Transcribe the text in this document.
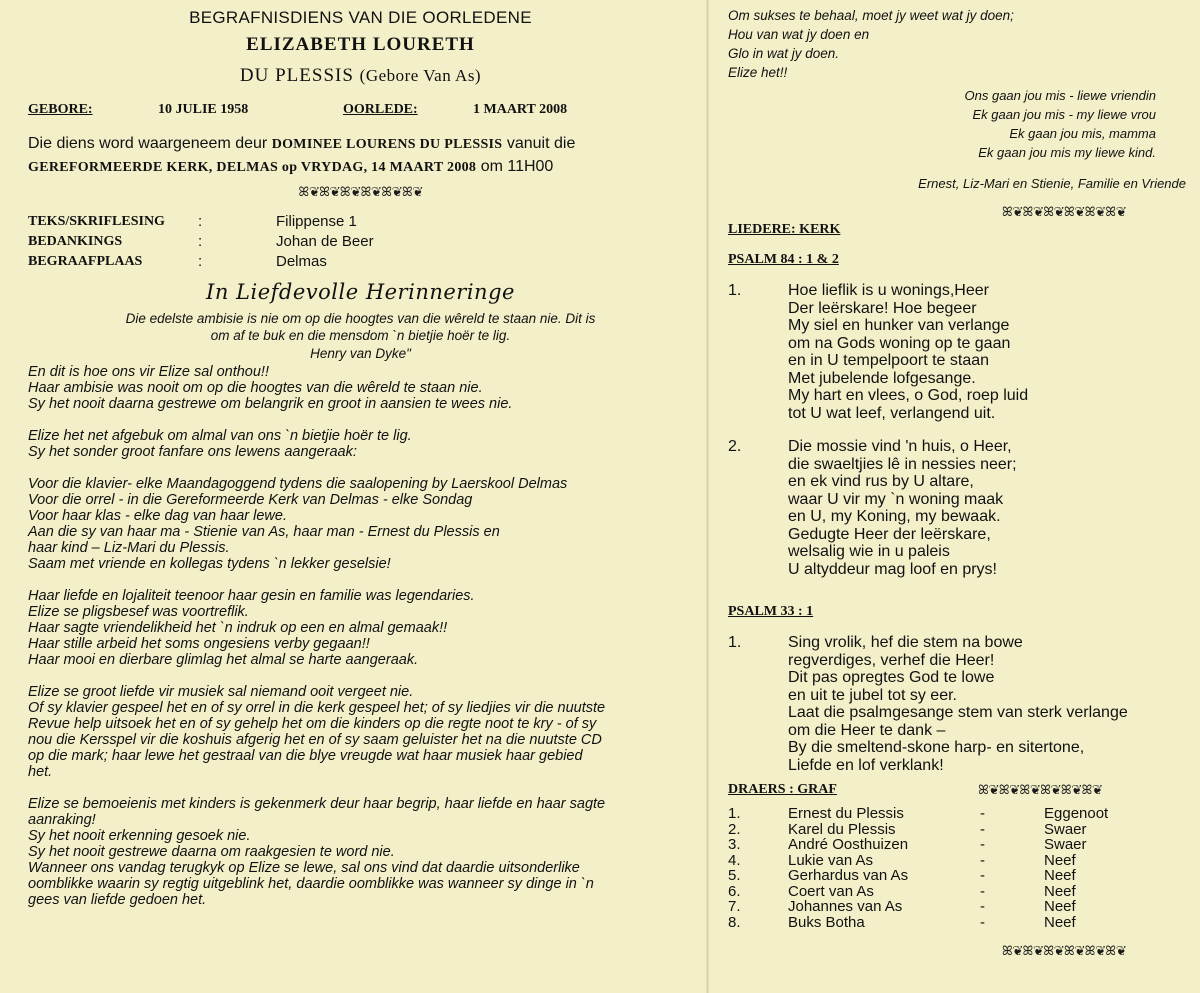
BEGRAFNISDIENS VAN DIE OORLEDENE
ELIZABETH LOURETH
DU PLESSIS (Gebore Van As)
GEBORE:	10 JULIE 1958	OORLEDE:	1 MAART 2008
Die diens word waargeneem deur DOMINEE LOURENS DU PLESSIS vanuit die
GEREFORMEERDE KERK, DELMAS op VRYDAG, 14 MAART 2008 om 11H00
ꕤ❦ꕤ❦ꕤ❦ꕤ❦ꕤ❦ꕤ❦
TEKS/SKRIFLESING	:	Filippense 1
BEDANKINGS	:	Johan de Beer
BEGRAAFPLAAS	:	Delmas
In Liefdevolle Herinneringe
Die edelste ambisie is nie om op die hoogtes van die wêreld te staan nie. Dit is
om af te buk en die mensdom `n bietjie hoër te lig.
Henry van Dyke"

En dit is hoe ons vir Elize sal onthou!!
Haar ambisie was nooit om op die hoogtes van die wêreld te staan nie.
Sy het nooit daarna gestrewe om belangrik en groot in aansien te wees nie.

Elize het net afgebuk om almal van ons `n bietjie hoër te lig.
Sy het sonder groot fanfare ons lewens aangeraak:

Voor die klavier- elke Maandagoggend tydens die saalopening by Laerskool Delmas
Voor die orrel - in die Gereformeerde Kerk van Delmas - elke Sondag
Voor haar klas - elke dag van haar lewe.
Aan die sy van haar ma - Stienie van As, haar man - Ernest du Plessis en
haar kind – Liz-Mari du Plessis.
Saam met vriende en kollegas tydens `n lekker geselsie!

Haar liefde en lojaliteit teenoor haar gesin en familie was legendaries.
Elize se pligsbesef was voortreflik.
Haar sagte vriendelikheid het `n indruk op een en almal gemaak!!
Haar stille arbeid het soms ongesiens verby gegaan!!
Haar mooi en dierbare glimlag het almal se harte aangeraak.

Elize se groot liefde vir musiek sal niemand ooit vergeet nie.
Of sy klavier gespeel het en of sy orrel in die kerk gespeel het; of sy liedjies vir die nuutste
Revue help uitsoek het en of sy gehelp het om die kinders op die regte noot te kry - of sy
nou die Kersspel vir die koshuis afgerig het en of sy saam geluister het na die nuutste CD
op die mark; haar lewe het gestraal van die blye vreugde wat haar musiek haar gebied
het.

Elize se bemoeienis met kinders is gekenmerk deur haar begrip, haar liefde en haar sagte
aanraking!
Sy het nooit erkenning gesoek nie.
Sy het nooit gestrewe daarna om raakgesien te word nie.
Wanneer ons vandag terugkyk op Elize se lewe, sal ons vind dat daardie uitsonderlike
oomblikke waarin sy regtig uitgeblink het, daardie oomblikke was wanneer sy dinge in `n
gees van liefde gedoen het.

Om sukses te behaal, moet jy weet wat jy doen;
Hou van wat jy doen en
Glo in wat jy doen.
Elize het!!
Ons gaan jou mis - liewe vriendin
Ek gaan jou mis - my liewe vrou
Ek gaan jou mis, mamma
Ek gaan jou mis my liewe kind.
Ernest, Liz-Mari en Stienie, Familie en Vriende
ꕤ❦ꕤ❦ꕤ❦ꕤ❦ꕤ❦ꕤ❦
LIEDERE: KERK
PSALM 84 : 1 & 2
1.	Hoe lieflik is u wonings,Heer
Der leërskare! Hoe begeer
My siel en hunker van verlange
om na Gods woning op te gaan
en in U tempelpoort te staan
Met jubelende lofgesange.
My hart en vlees, o God, roep luid
tot U wat leef, verlangend uit.
2.	Die mossie vind 'n huis, o Heer,
die swaeltjies lê in nessies neer;
en ek vind rus by U altare,
waar U vir my `n woning maak
en U, my Koning, my bewaak.
Gedugte Heer der leërskare,
welsalig wie in u paleis
U altyddeur mag loof en prys!
PSALM 33 : 1
1.	Sing vrolik, hef die stem na bowe
regverdiges, verhef die Heer!
Dit pas opregtes God te lowe
en uit te jubel tot sy eer.
Laat die psalmgesange stem van sterk verlange
om die Heer te dank –
By die smeltend-skone harp- en sitertone,
Liefde en lof verklank!
DRAERS : GRAF	ꕤ❦ꕤ❦ꕤ❦ꕤ❦ꕤ❦ꕤ❦
1.	Ernest du Plessis	-	Eggenoot
2.	Karel du Plessis	-	Swaer
3.	André Oosthuizen	-	Swaer
4.	Lukie van As	-	Neef
5.	Gerhardus van As	-	Neef
6.	Coert van As	-	Neef
7.	Johannes van As	-	Neef
8.	Buks Botha	-	Neef
ꕤ❦ꕤ❦ꕤ❦ꕤ❦ꕤ❦ꕤ❦
